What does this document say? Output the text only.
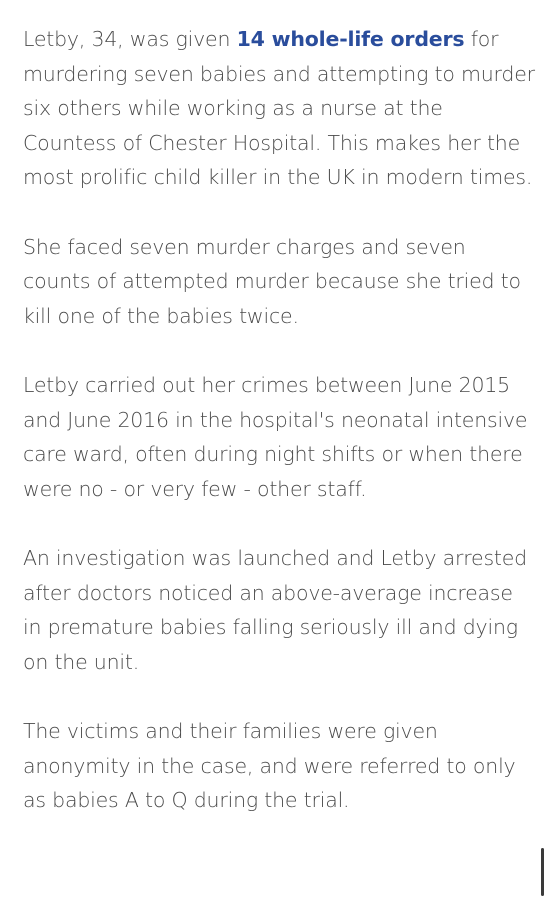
Letby, 34, was given 14 whole-life orders for murdering seven babies and attempting to murder six others while working as a nurse at the Countess of Chester Hospital. This makes her the most prolific child killer in the UK in modern times.

She faced seven murder charges and seven counts of attempted murder because she tried to kill one of the babies twice.

Letby carried out her crimes between June 2015 and June 2016 in the hospital's neonatal intensive care ward, often during night shifts or when there were no - or very few - other staff.

An investigation was launched and Letby arrested after doctors noticed an above-average increase in premature babies falling seriously ill and dying on the unit.

The victims and their families were given anonymity in the case, and were referred to only as babies A to Q during the trial.
